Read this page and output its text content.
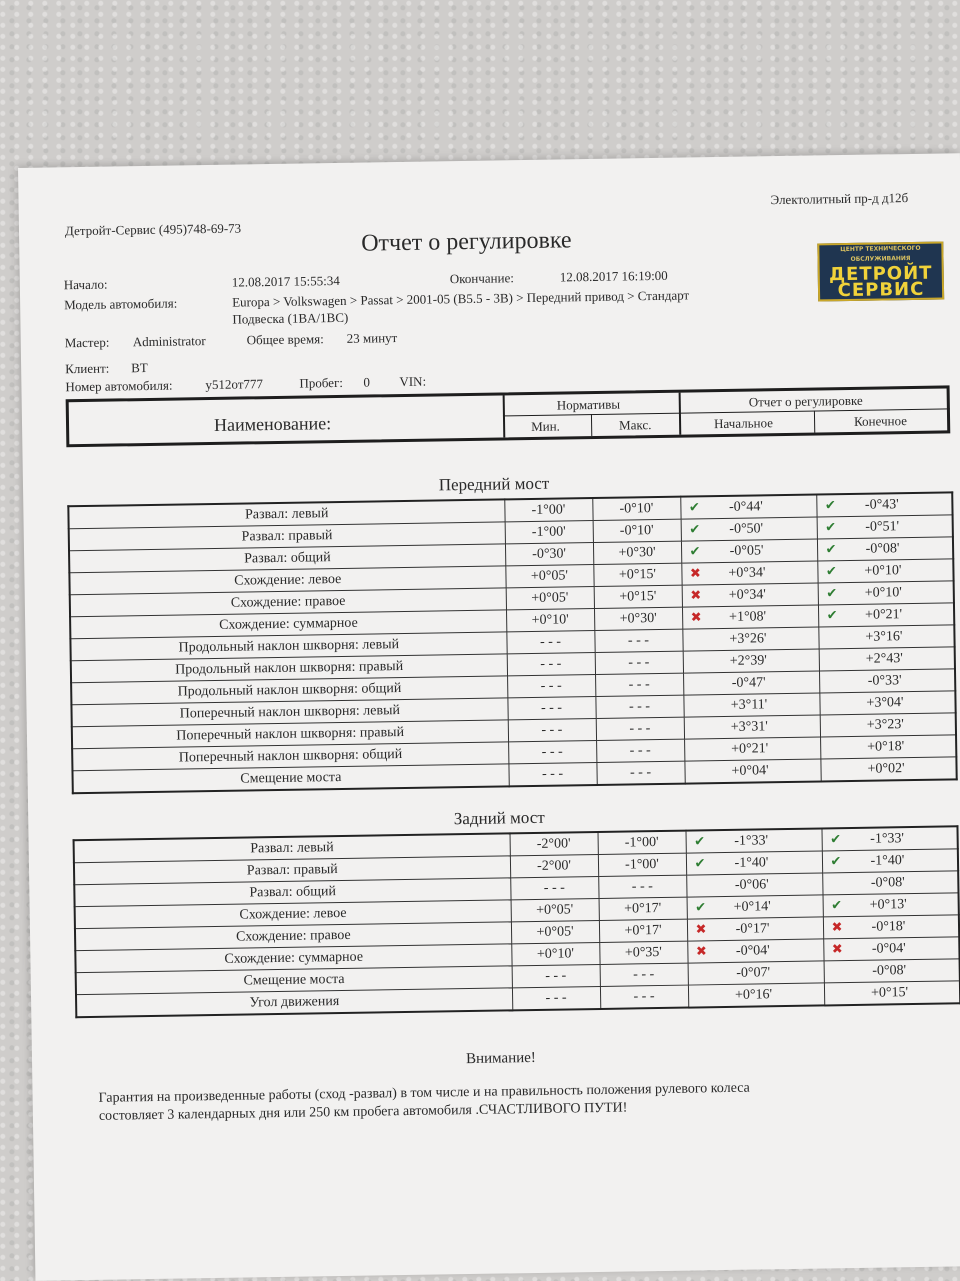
Электолитный пр-д д12б
Детройт-Сервис (495)748-69-73	Отчет о регулировке	ЦЕНТР ТЕХНИЧЕСКОГО ОБСЛУЖИВАНИЯ
ДЕТРОЙТ
СЕРВИС
Начало:	12.08.2017 15:55:34	Окончание:	12.08.2017 16:19:00
Модель автомобиля:	Europa > Volkswagen > Passat > 2001-05 (B5.5 - 3B) > Передний привод > Стандарт
Подвеска (1BA/1BC)
Мастер: Administrator	Общее время: 23 минут
Клиент: BT
Номер автомобиля:	у512от777	Пробег: 0 VIN:
Наименование:
Нормативы
Мин.	Макс.
Отчет о регулировке
Начальное	Конечное
Передний мост
Развал: левый	-1°00'	-0°10'	✔ -0°44'	✔ -0°43'
Развал: правый	-1°00'	-0°10'	✔ -0°50'	✔ -0°51'
Развал: общий	-0°30'	+0°30'	✔ -0°05'	✔ -0°08'
Схождение: левое	+0°05'	+0°15'	✖ +0°34'	✔ +0°10'
Схождение: правое	+0°05'	+0°15'	✖ +0°34'	✔ +0°10'
Схождение: суммарное	+0°10'	+0°30'	✖ +1°08'	✔ +0°21'
Продольный наклон шкворня: левый	- - -	- - -	+3°26'	+3°16'
Продольный наклон шкворня: правый	- - -	- - -	+2°39'	+2°43'
Продольный наклон шкворня: общий	- - -	- - -	-0°47'	-0°33'
Поперечный наклон шкворня: левый	- - -	- - -	+3°11'	+3°04'
Поперечный наклон шкворня: правый	- - -	- - -	+3°31'	+3°23'
Поперечный наклон шкворня: общий	- - -	- - -	+0°21'	+0°18'
Смещение моста	- - -	- - -	+0°04'	+0°02'
Задний мост
Развал: левый	-2°00'	-1°00'	✔ -1°33'	✔ -1°33'
Развал: правый	-2°00'	-1°00'	✔ -1°40'	✔ -1°40'
Развал: общий	- - -	- - -	-0°06'	-0°08'
Схождение: левое	+0°05'	+0°17'	✔ +0°14'	✔ +0°13'
Схождение: правое	+0°05'	+0°17'	✖ -0°17'	✖ -0°18'
Схождение: суммарное	+0°10'	+0°35'	✖ -0°04'	✖ -0°04'
Смещение моста	- - -	- - -	-0°07'	-0°08'
Угол движения	- - -	- - -	+0°16'	+0°15'
Внимание!
Гарантия на произведенные работы (сход -развал) в том числе и на правильность положения рулевого колеса
состовляет 3 календарных дня или 250 км пробега автомобиля .СЧАСТЛИВОГО ПУТИ!
